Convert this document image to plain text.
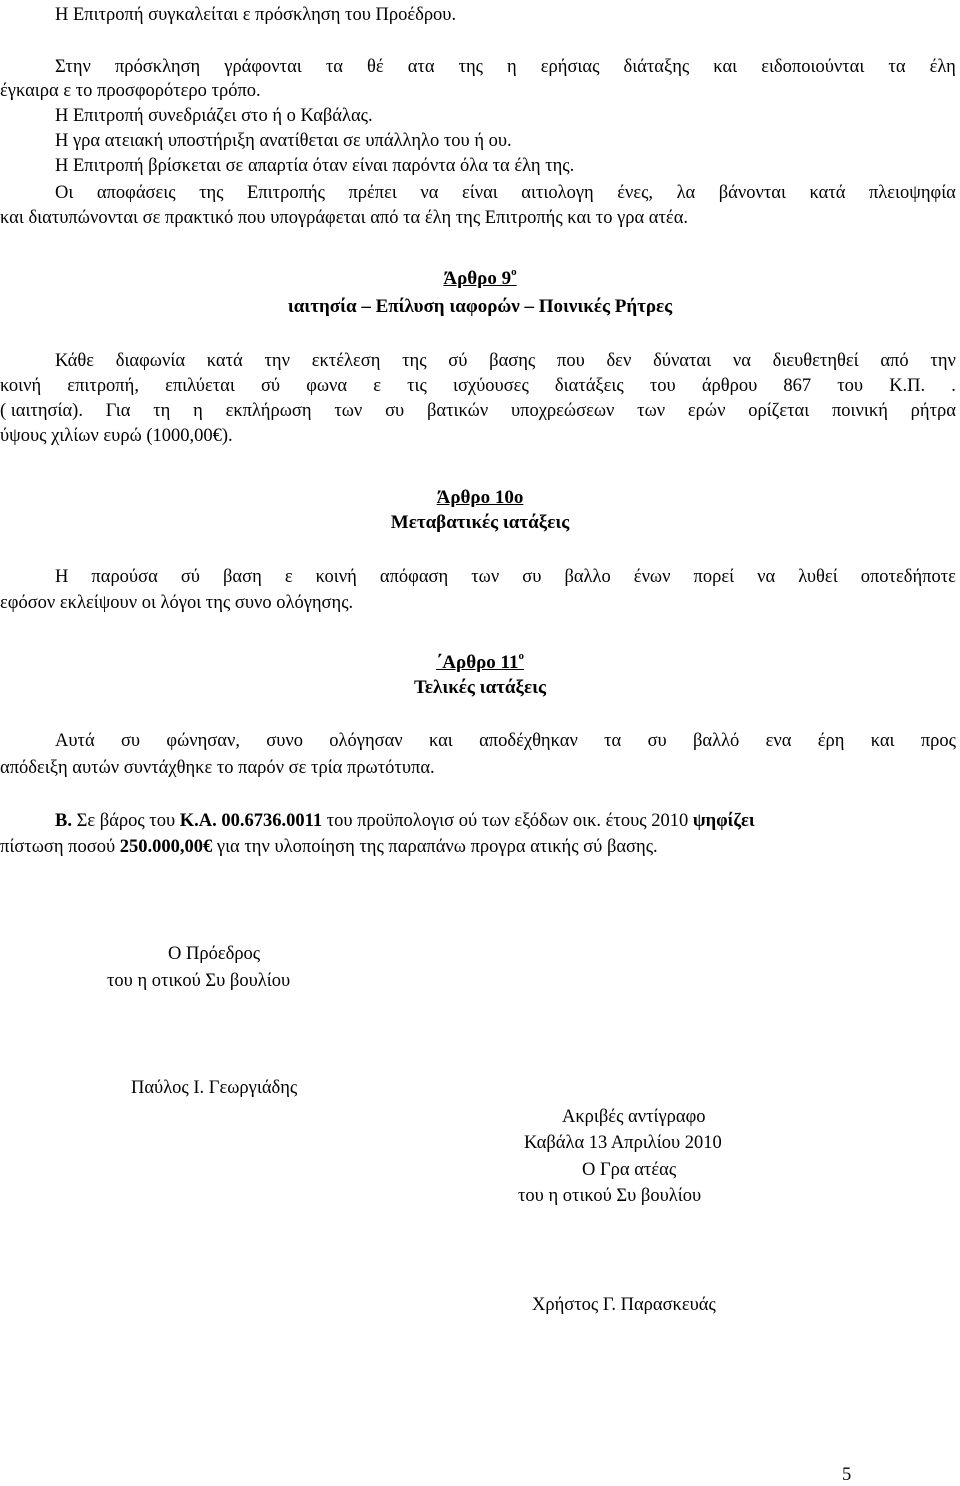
Η Επιτροπή συγκαλείται ε πρόσκληση του Προέδρου.
Στην πρόσκληση γράφονται τα θέ ατα της η ερήσιας διάταξης και ειδοποιούνται τα έλη
έγκαιρα ε το προσφορότερο τρόπο.
Η Επιτροπή συνεδριάζει στο ή ο Καβάλας.
Η γρα ατειακή υποστήριξη ανατίθεται σε υπάλληλο του ή ου.
Η Επιτροπή βρίσκεται σε απαρτία όταν είναι παρόντα όλα τα έλη της.
Οι αποφάσεις της Επιτροπής πρέπει να είναι αιτιολογη ένες, λα βάνονται κατά πλειοψηφία
και διατυπώνονται σε πρακτικό που υπογράφεται από τα έλη της Επιτροπής και το γρα ατέα.
Άρθρο $9^o$
ιαιτησία – Επίλυση ιαφορών – Ποινικές Ρήτρες
Κάθε διαφωνία κατά την εκτέλεση της σύ βασης που δεν δύναται να διευθετηθεί από την
κοινή επιτροπή, επιλύεται σύ φωνα ε τις ισχύουσες διατάξεις του άρθρου 867 του Κ.Π. .
( ιαιτησία). Για τη η εκπλήρωση των συ βατικών υποχρεώσεων των ερών ορίζεται ποινική ρήτρα
ύψους χιλίων ευρώ (1000,00€).
Άρθρο 10ο
Μεταβατικές ιατάξεις
Η παρούσα σύ βαση ε κοινή απόφαση των συ βαλλο ένων πορεί να λυθεί οποτεδήποτε
εφόσον εκλείψουν οι λόγοι της συνο ολόγησης.
΄Αρθρο $11^o$
Τελικές ιατάξεις
Αυτά συ φώνησαν, συνο ολόγησαν και αποδέχθηκαν τα συ βαλλό ενα έρη και προς
απόδειξη αυτών συντάχθηκε το παρόν σε τρία πρωτότυπα.
Β. Σε βάρος του Κ.Α. 00.6736.0011 του προϋπολογισ ού των εξόδων οικ. έτους 2010 ψηφίζει
πίστωση ποσού 250.000,00€ για την υλοποίηση της παραπάνω προγρα ατικής σύ βασης.
Ο Πρόεδρος
του η οτικού Συ βουλίου
Παύλος Ι. Γεωργιάδης
Ακριβές αντίγραφο
Καβάλα 13 Απριλίου 2010
Ο Γρα ατέας
του η οτικού Συ βουλίου
Χρήστος Γ. Παρασκευάς
5
